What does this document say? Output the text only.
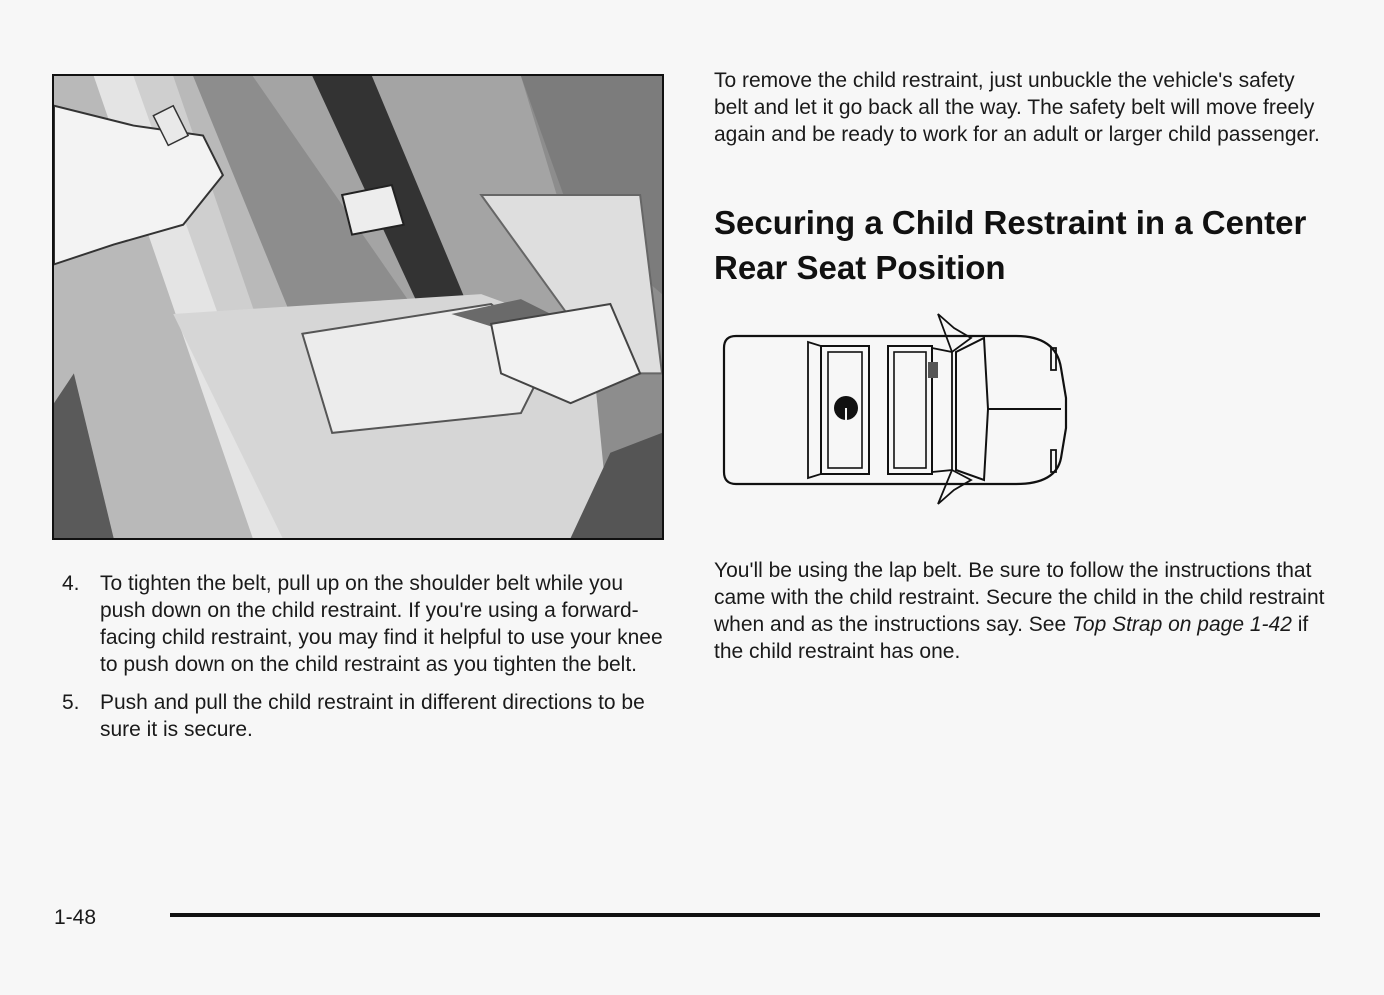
4. To tighten the belt, pull up on the shoulder belt while you push down on the child restraint. If you're using a forward-facing child restraint, you may find it helpful to use your knee to push down on the child restraint as you tighten the belt.
5. Push and pull the child restraint in different directions to be sure it is secure.

To remove the child restraint, just unbuckle the vehicle's safety belt and let it go back all the way. The safety belt will move freely again and be ready to work for an adult or larger child passenger.

Securing a Child Restraint in a Center Rear Seat Position

You'll be using the lap belt. Be sure to follow the instructions that came with the child restraint. Secure the child in the child restraint when and as the instructions say. See Top Strap on page 1-42 if the child restraint has one.

1-48
